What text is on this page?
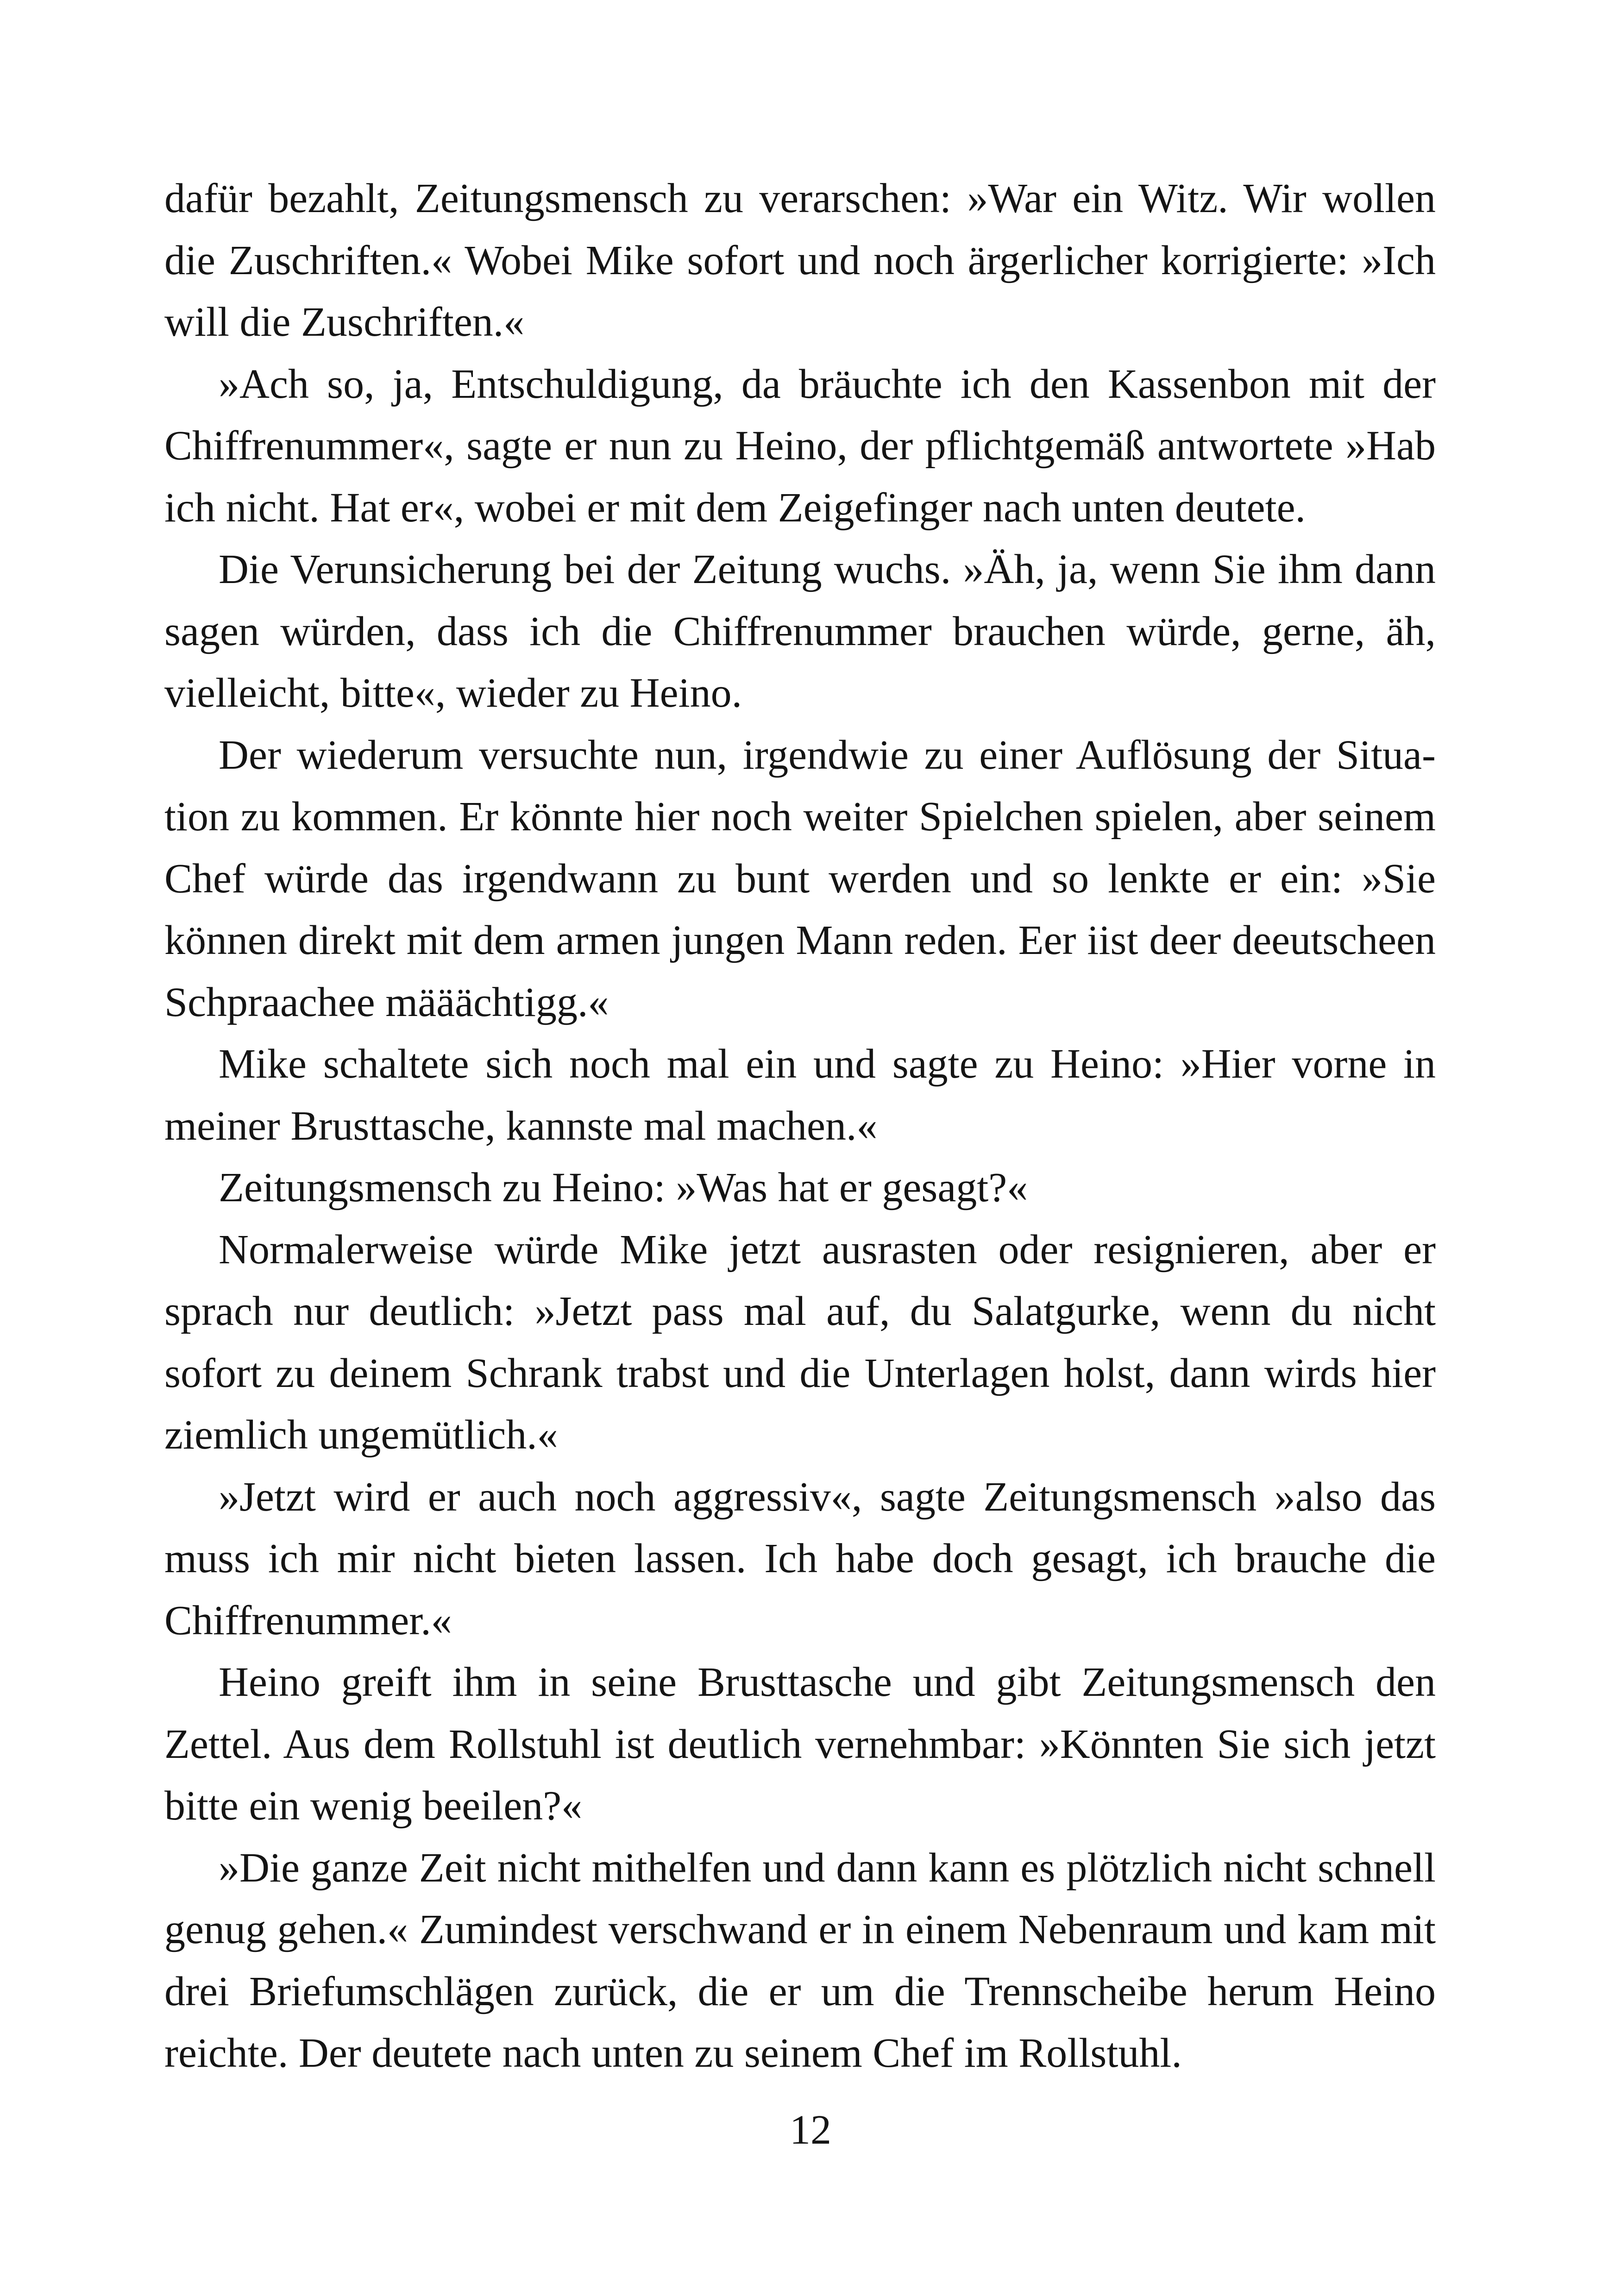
dafür bezahlt, Zeitungsmensch zu verarschen: »War ein Witz. Wir wollen die Zuschriften.« Wobei Mike sofort und noch ärgerlicher korrigierte: »Ich will die Zuschriften.«

»Ach so, ja, Entschuldigung, da bräuchte ich den Kassenbon mit der Chiffrenummer«, sagte er nun zu Heino, der pflichtgemäß antwortete »Hab ich nicht. Hat er«, wobei er mit dem Zeigefinger nach unten deutete.

Die Verunsicherung bei der Zeitung wuchs. »Äh, ja, wenn Sie ihm dann sagen würden, dass ich die Chiffrenummer brauchen würde, gerne, äh, vielleicht, bitte«, wieder zu Heino.

Der wiederum versuchte nun, irgendwie zu einer Auflösung der Situation zu kommen. Er könnte hier noch weiter Spielchen spielen, aber seinem Chef würde das irgendwann zu bunt werden und so lenkte er ein: »Sie können direkt mit dem armen jungen Mann reden. Eer iist deer deeutscheen Schpraachee määächtigg.«

Mike schaltete sich noch mal ein und sagte zu Heino: »Hier vorne in meiner Brusttasche, kannste mal machen.«

Zeitungsmensch zu Heino: »Was hat er gesagt?«

Normalerweise würde Mike jetzt ausrasten oder resignieren, aber er sprach nur deutlich: »Jetzt pass mal auf, du Salatgurke, wenn du nicht sofort zu deinem Schrank trabst und die Unterlagen holst, dann wirds hier ziemlich ungemütlich.«

»Jetzt wird er auch noch aggressiv«, sagte Zeitungsmensch »also das muss ich mir nicht bieten lassen. Ich habe doch gesagt, ich brauche die Chiffrenummer.«

Heino greift ihm in seine Brusttasche und gibt Zeitungsmensch den Zettel. Aus dem Rollstuhl ist deutlich vernehmbar: »Könnten Sie sich jetzt bitte ein wenig beeilen?«

»Die ganze Zeit nicht mithelfen und dann kann es plötzlich nicht schnell genug gehen.« Zumindest verschwand er in einem Nebenraum und kam mit drei Briefumschlägen zurück, die er um die Trennscheibe herum Heino reichte. Der deutete nach unten zu seinem Chef im Rollstuhl.

12
